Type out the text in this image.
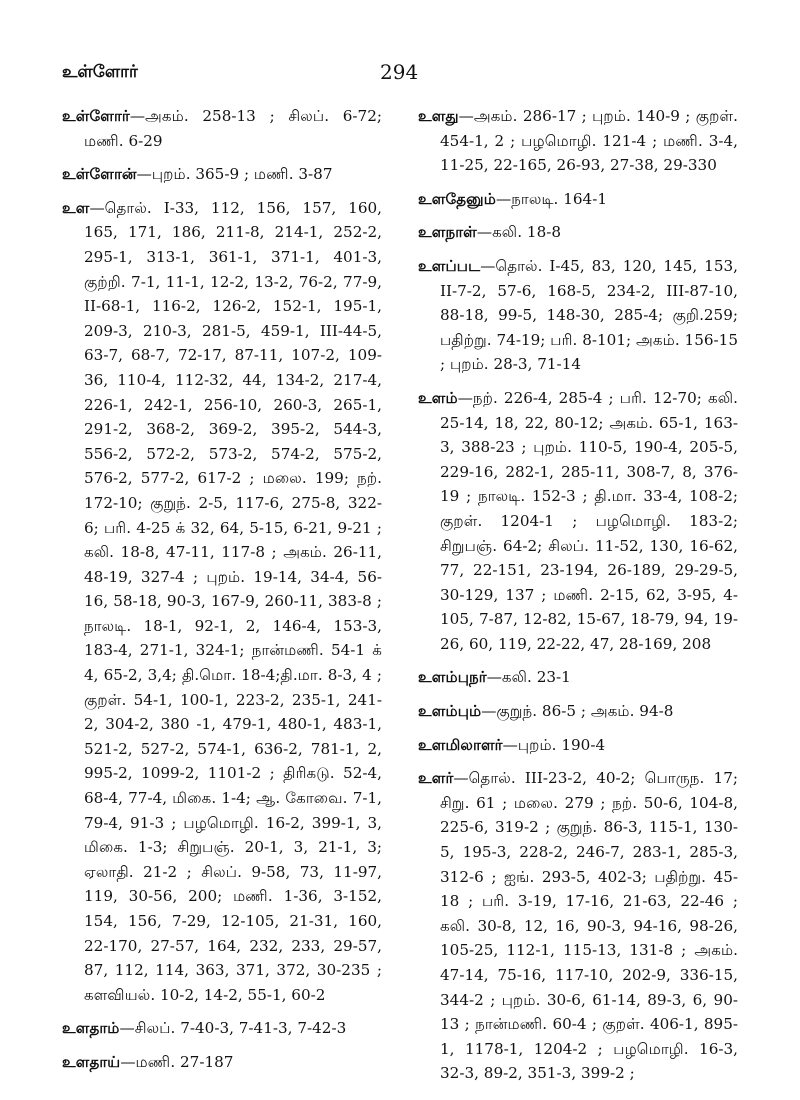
உள்ளோர்	294

உள்ளோர்—அகம். 258-13 ; சிலப். 6-72; மணி. 6-29

உள்ளோன்—புறம். 365-9 ; மணி. 3-87

உள—தொல். I-33, 112, 156, 157, 160, 165, 171, 186, 211-8, 214-1, 252-2, 295-1, 313-1, 361-1, 371-1, 401-3, குற்றி. 7-1, 11-1, 12-2, 13-2, 76-2, 77-9, II-68-1, 116-2, 126-2, 152-1, 195-1, 209-3, 210-3, 281-5, 459-1, III-44-5, 63-7, 68-7, 72-17, 87-11, 107-2, 109-36, 110-4, 112-32, 44, 134-2, 217-4, 226-1, 242-1, 256-10, 260-3, 265-1, 291-2, 368-2, 369-2, 395-2, 544-3, 556-2, 572-2, 573-2, 574-2, 575-2, 576-2, 577-2, 617-2 ; மலை. 199; நற். 172-10; குறுந். 2-5, 117-6, 275-8, 322-6; பரி. 4-25 க் 32, 64, 5-15, 6-21, 9-21 ; கலி. 18-8, 47-11, 117-8 ; அகம். 26-11, 48-19, 327-4 ; புறம். 19-14, 34-4, 56-16, 58-18, 90-3, 167-9, 260-11, 383-8 ; நாலடி. 18-1, 92-1, 2, 146-4, 153-3, 183-4, 271-1, 324-1; நான்மணி. 54-1 க் 4, 65-2, 3,4; தி.மொ. 18-4;தி.மா. 8-3, 4 ; குறள். 54-1, 100-1, 223-2, 235-1, 241-2, 304-2, 380 -1, 479-1, 480-1, 483-1, 521-2, 527-2, 574-1, 636-2, 781-1, 2, 995-2, 1099-2, 1101-2 ; திரிகடு. 52-4, 68-4, 77-4, மிகை. 1-4; ஆ. கோவை. 7-1, 79-4, 91-3 ; பழமொழி. 16-2, 399-1, 3, மிகை. 1-3; சிறுபஞ். 20-1, 3, 21-1, 3; ஏலாதி. 21-2 ; சிலப். 9-58, 73, 11-97, 119, 30-56, 200; மணி. 1-36, 3-152, 154, 156, 7-29, 12-105, 21-31, 160, 22-170, 27-57, 164, 232, 233, 29-57, 87, 112, 114, 363, 371, 372, 30-235 ; களவியல். 10-2, 14-2, 55-1, 60-2

உளதாம்—சிலப். 7-40-3, 7-41-3, 7-42-3

உளதாய்—மணி. 27-187

உளது—அகம். 286-17 ; புறம். 140-9 ; குறள். 454-1, 2 ; பழமொழி. 121-4 ; மணி. 3-4, 11-25, 22-165, 26-93, 27-38, 29-330

உளதேனும்—நாலடி. 164-1

உளநாள்—கலி. 18-8

உளப்பட—தொல். I-45, 83, 120, 145, 153, II-7-2, 57-6, 168-5, 234-2, III-87-10, 88-18, 99-5, 148-30, 285-4; குறி.259; பதிற்று. 74-19; பரி. 8-101; அகம். 156-15 ; புறம். 28-3, 71-14

உளம்—நற். 226-4, 285-4 ; பரி. 12-70; கலி. 25-14, 18, 22, 80-12; அகம். 65-1, 163-3, 388-23 ; புறம். 110-5, 190-4, 205-5, 229-16, 282-1, 285-11, 308-7, 8, 376-19 ; நாலடி. 152-3 ; தி.மா. 33-4, 108-2; குறள். 1204-1 ; பழமொழி. 183-2; சிறுபஞ். 64-2; சிலப். 11-52, 130, 16-62, 77, 22-151, 23-194, 26-189, 29-29-5, 30-129, 137 ; மணி. 2-15, 62, 3-95, 4-105, 7-87, 12-82, 15-67, 18-79, 94, 19-26, 60, 119, 22-22, 47, 28-169, 208

உளம்புநர்—கலி. 23-1

உளம்பும்—குறுந். 86-5 ; அகம். 94-8

உளமிலாளர்—புறம். 190-4

உளர்—தொல். III-23-2, 40-2; பொருந. 17; சிறு. 61 ; மலை. 279 ; நற். 50-6, 104-8, 225-6, 319-2 ; குறுந். 86-3, 115-1, 130-5, 195-3, 228-2, 246-7, 283-1, 285-3, 312-6 ; ஐங். 293-5, 402-3; பதிற்று. 45-18 ; பரி. 3-19, 17-16, 21-63, 22-46 ; கலி. 30-8, 12, 16, 90-3, 94-16, 98-26, 105-25, 112-1, 115-13, 131-8 ; அகம். 47-14, 75-16, 117-10, 202-9, 336-15, 344-2 ; புறம். 30-6, 61-14, 89-3, 6, 90-13 ; நான்மணி. 60-4 ; குறள். 406-1, 895-1, 1178-1, 1204-2 ; பழமொழி. 16-3, 32-3, 89-2, 351-3, 399-2 ;
